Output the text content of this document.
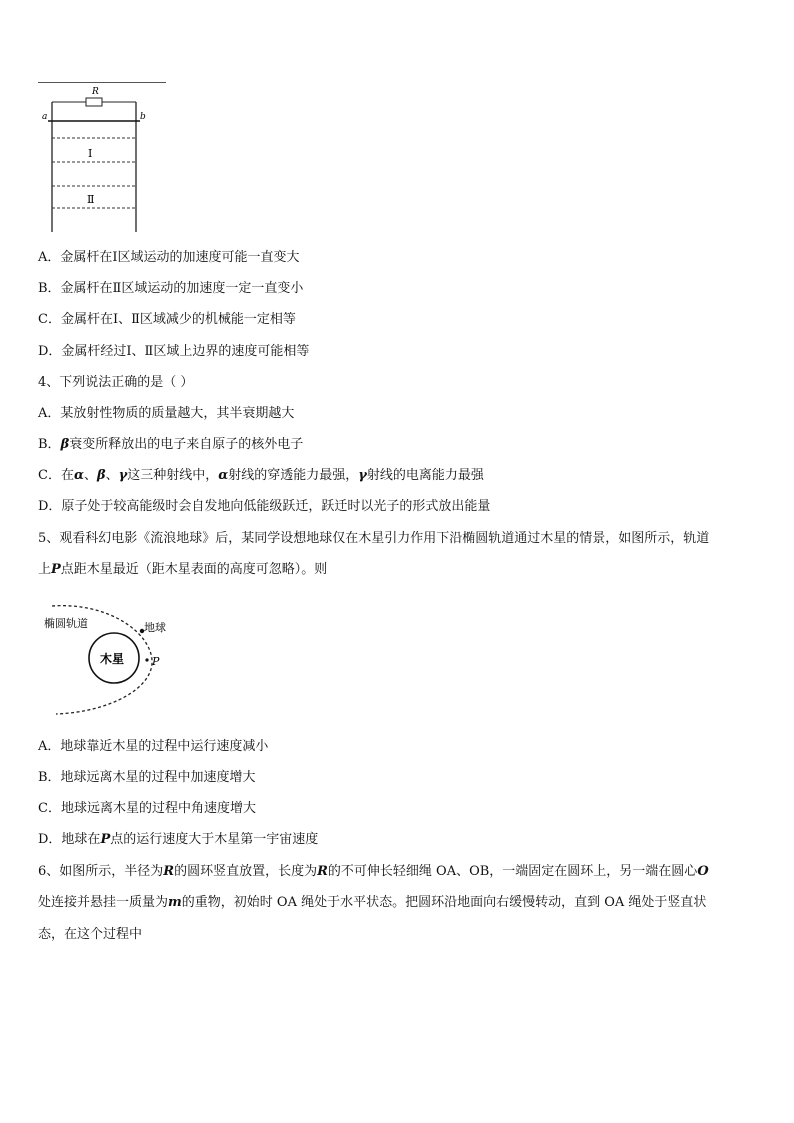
R
a	b
Ⅰ
Ⅱ
A．金属杆在Ⅰ区域运动的加速度可能一直变大
B．金属杆在Ⅱ区域运动的加速度一定一直变小
C．金属杆在Ⅰ、Ⅱ区域减少的机械能一定相等
D．金属杆经过Ⅰ、Ⅱ区域上边界的速度可能相等
4、下列说法正确的是（ ）
A．某放射性物质的质量越大，其半衰期越大
B．β衰变所释放出的电子来自原子的核外电子
C．在α、β、γ这三种射线中，α射线的穿透能力最强，γ射线的电离能力最强
D．原子处于较高能级时会自发地向低能级跃迁，跃迁时以光子的形式放出能量
5、观看科幻电影《流浪地球》后，某同学设想地球仅在木星引力作用下沿椭圆轨道通过木星的情景，如图所示，轨道
上P点距木星最近（距木星表面的高度可忽略）。则
木星
椭圆轨道	地球
P
A．地球靠近木星的过程中运行速度减小
B．地球远离木星的过程中加速度增大
C．地球远离木星的过程中角速度增大
D．地球在P点的运行速度大于木星第一宇宙速度
6、如图所示，半径为R的圆环竖直放置，长度为R的不可伸长轻细绳 OA、OB，一端固定在圆环上，另一端在圆心O
处连接并悬挂一质量为m的重物，初始时 OA 绳处于水平状态。把圆环沿地面向右缓慢转动，直到 OA 绳处于竖直状
态，在这个过程中
